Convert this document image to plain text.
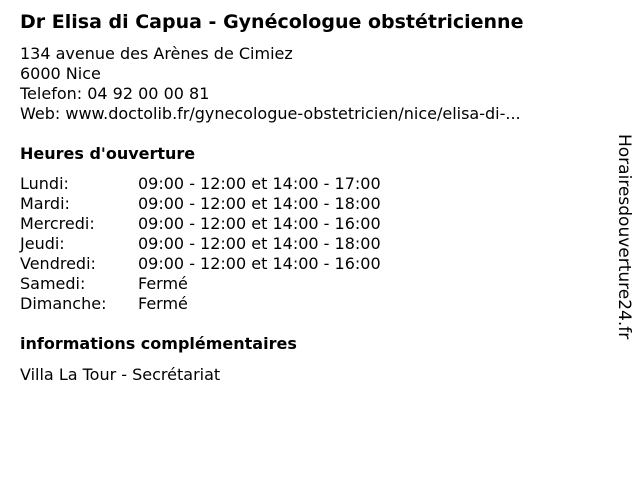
Dr Elisa di Capua - Gynécologue obstétricienne
134 avenue des Arènes de Cimiez
6000 Nice
Telefon: 04 92 00 00 81
Web: www.doctolib.fr/gynecologue-obstetricien/nice/elisa-di-...
Heures d'ouverture
Lundi:	09:00 - 12:00 et 14:00 - 17:00
Mardi:	09:00 - 12:00 et 14:00 - 18:00
Mercredi:	09:00 - 12:00 et 14:00 - 16:00
Jeudi:	09:00 - 12:00 et 14:00 - 18:00
Vendredi:	09:00 - 12:00 et 14:00 - 16:00
Samedi:	Fermé
Dimanche:	Fermé
informations complémentaires
Villa La Tour - Secrétariat
Horairesdouverture24.fr
